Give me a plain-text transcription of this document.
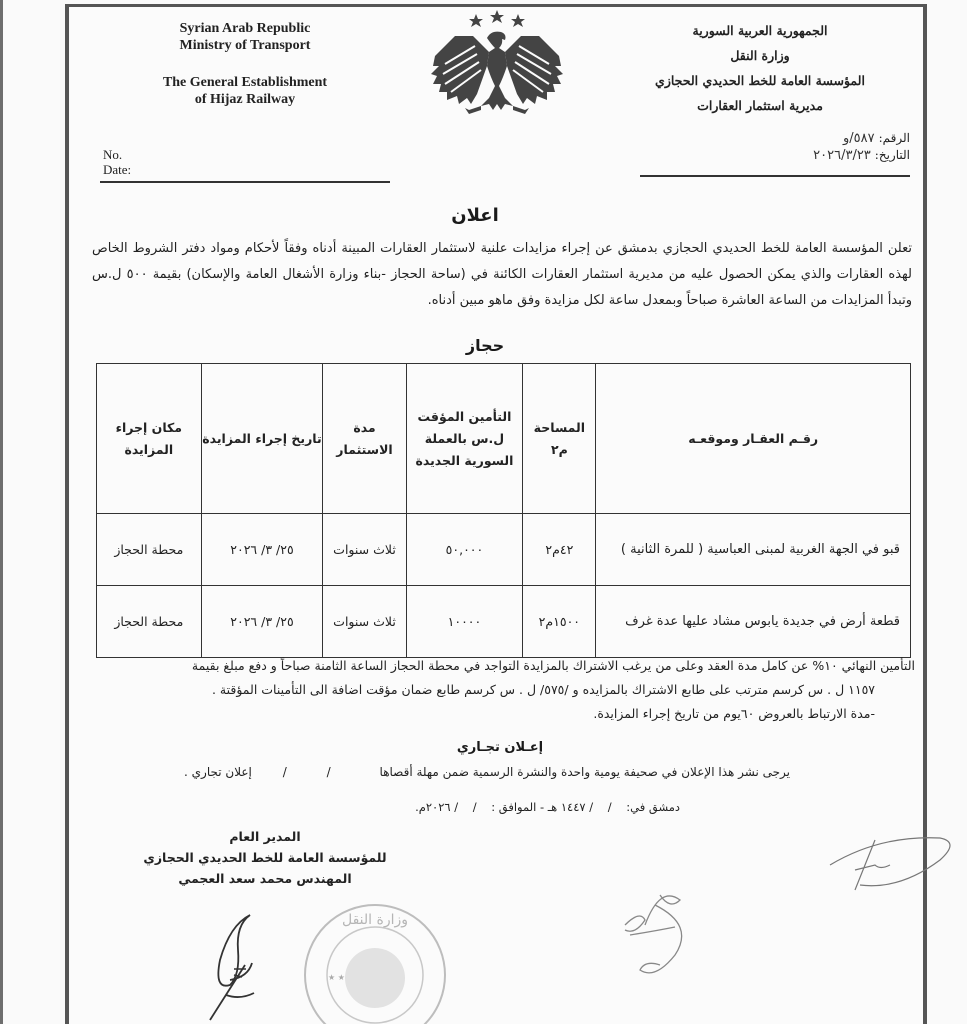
Syrian Arab Republic
Ministry of Transport
The General Establishment
of Hijaz Railway
No.
Date:
الجمهورية العربية السورية
وزارة النقل
المؤسسة العامة للخط الحديدي الحجازي
مديرية استثمار العقارات
الرقم:٥٨٧/و
التاريخ:٢٠٢٦/٣/٢٣
اعلان
تعلن المؤسسة العامة للخط الحديدي الحجازي بدمشق عن إجراء مزايدات علنية لاستثمار العقارات المبينة أدناه وفقاً لأحكام ومواد دفتر الشروط الخاص لهذه العقارات والذي يمكن الحصول عليه من مديرية استثمار العقارات الكائنة في (ساحة الحجاز -بناء وزارة الأشغال العامة والإسكان) بقيمة ٥٠٠ ل.س وتبدأ المزايدات من الساعة العاشرة صباحاً وبمعدل ساعة لكل مزايدة وفق ماهو مبين أدناه.
حجاز
رقـم العقـار وموقعـه	المساحة م٢	التأمين المؤقت ل.س بالعملة السورية الجديدة	مدة الاستثمار	تاريخ إجراء المزايدة	مكان إجراء المزايدة
قبو في الجهة الغربية لمبنى العباسية ( للمرة الثانية )	٤٢م٢	٥٠,٠٠٠	ثلاث سنوات	٢٥/ ٣/ ٢٠٢٦	محطة الحجاز
قطعة أرض في جديدة يابوس مشاد عليها عدة غرف	١٥٠٠م٢	١٠٠٠٠	ثلاث سنوات	٢٥/ ٣/ ٢٠٢٦	محطة الحجاز
التأمين النهائي ١٠% عن كامل مدة العقد وعلى من يرغب الاشتراك بالمزايدة التواجد في محطة الحجاز الساعة الثامنة صباحاً و دفع مبلغ بقيمة
١١٥٧ ل . س كرسم مترتب على طابع الاشتراك بالمزايده و /٥٧٥/ ل . س كرسم طابع ضمان مؤقت اضافة الى التأمينات المؤقتة .
-مدة الارتباط بالعروض ٦٠يوم من تاريخ إجراء المزايدة.
إعـلان تجـاري
يرجى نشر هذا الإعلان في صحيفة يومية واحدة والنشرة الرسمية ضمن مهلة أقصاها / / إعلان تجاري .
دمشق في:    /    / ١٤٤٧ هـ - الموافق :    /    / ٢٠٢٦م.
المدير العام
للمؤسسة العامة للخط الحديدي الحجازي
المهندس محمد سعد العجمي
وزارة النقل
★ ★
